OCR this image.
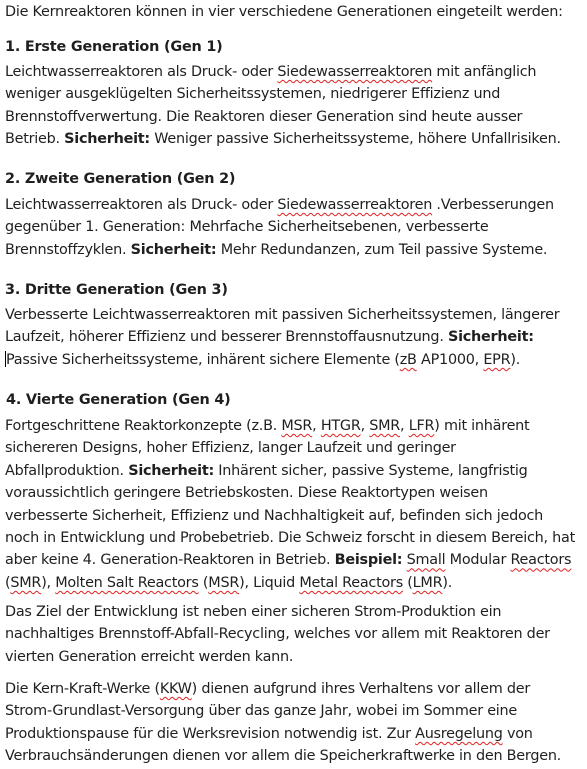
Die Kernreaktoren können in vier verschiedene Generationen eingeteilt werden:

1. Erste Generation (Gen 1)

Leichtwasserreaktoren als Druck- oder Siedewasserreaktoren mit anfänglich
weniger ausgeklügelten Sicherheitssystemen, niedrigerer Effizienz und
Brennstoffverwertung. Die Reaktoren dieser Generation sind heute ausser
Betrieb. Sicherheit: Weniger passive Sicherheitssysteme, höhere Unfallrisiken.

2. Zweite Generation (Gen 2)

Leichtwasserreaktoren als Druck- oder Siedewasserreaktoren .Verbesserungen
gegenüber 1. Generation: Mehrfache Sicherheitsebenen, verbesserte
Brennstoffzyklen. Sicherheit: Mehr Redundanzen, zum Teil passive Systeme.

3. Dritte Generation (Gen 3)

Verbesserte Leichtwasserreaktoren mit passiven Sicherheitssystemen, längerer
Laufzeit, höherer Effizienz und besserer Brennstoffausnutzung. Sicherheit:
Passive Sicherheitssysteme, inhärent sichere Elemente (zB AP1000, EPR).

4. Vierte Generation (Gen 4)

Fortgeschrittene Reaktorkonzepte (z.B. MSR, HTGR, SMR, LFR) mit inhärent
sichereren Designs, hoher Effizienz, langer Laufzeit und geringer
Abfallproduktion. Sicherheit: Inhärent sicher, passive Systeme, langfristig
voraussichtlich geringere Betriebskosten. Diese Reaktortypen weisen
verbesserte Sicherheit, Effizienz und Nachhaltigkeit auf, befinden sich jedoch
noch in Entwicklung und Probebetrieb. Die Schweiz forscht in diesem Bereich, hat
aber keine 4. Generation-Reaktoren in Betrieb. Beispiel: Small Modular Reactors
(SMR), Molten Salt Reactors (MSR), Liquid Metal Reactors (LMR).

Das Ziel der Entwicklung ist neben einer sicheren Strom-Produktion ein
nachhaltiges Brennstoff-Abfall-Recycling, welches vor allem mit Reaktoren der
vierten Generation erreicht werden kann.

Die Kern-Kraft-Werke (KKW) dienen aufgrund ihres Verhaltens vor allem der
Strom-Grundlast-Versorgung über das ganze Jahr, wobei im Sommer eine
Produktionspause für die Werksrevision notwendig ist. Zur Ausregelung von
Verbrauchsänderungen dienen vor allem die Speicherkraftwerke in den Bergen.
